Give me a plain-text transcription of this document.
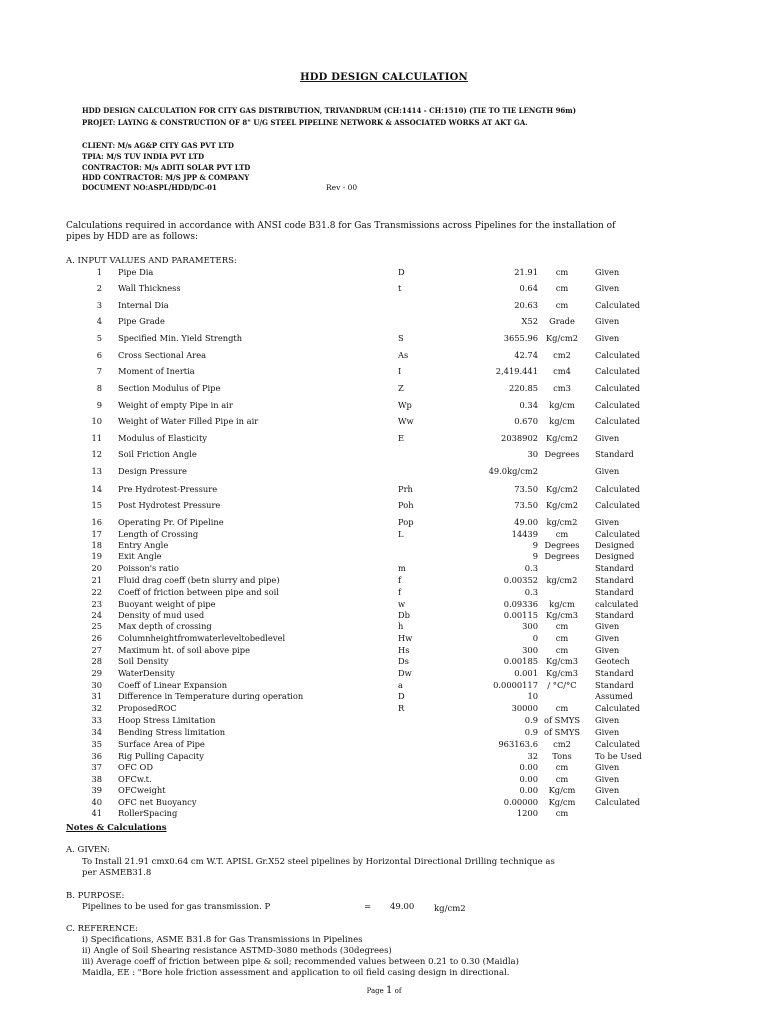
HDD DESIGN CALCULATION
HDD DESIGN CALCULATION FOR CITY GAS DISTRIBUTION, TRIVANDRUM (CH:1414 - CH:1510) (TIE TO TIE LENGTH 96m)
PROJET: LAYING & CONSTRUCTION OF 8" U/G STEEL PIPELINE NETWORK & ASSOCIATED WORKS AT AKT GA.
CLIENT: M/s AG&P CITY GAS PVT LTD
TPIA: M/S TUV INDIA PVT LTD
CONTRACTOR: M/s ADITI SOLAR PVT LTD
HDD CONTRACTOR: M/S JPP & COMPANY
DOCUMENT NO:ASPL/HDD/DC-01	Rev - 00
Calculations required in accordance with ANSI code B31.8 for Gas Transmissions across Pipelines for the installation of
pipes by HDD are as follows:
A. INPUT VALUES AND PARAMETERS:
1 Pipe Dia	D	21.91	cm	Given
2 Wall Thickness	t	0.64	cm	Given
3 Internal Dia	20.63	cm	Calculated
4 Pipe Grade	X52	Grade	Given
5 Specified Min. Yield Strength	S	3655.96 Kg/cm2	Given
6 Cross Sectional Area	As	42.74	cm2	Calculated
7 Moment of Inertia	I	2,419.441	cm4	Calculated
8 Section Modulus of Pipe	Z	220.85	cm3	Calculated
9 Weight of empty Pipe in air	Wp	0.34	kg/cm	Calculated
10 Weight of Water Filled Pipe in air	Ww	0.670	kg/cm	Calculated
11 Modulus of Elasticity	E	2038902 Kg/cm2	Given
12 Soil Friction Angle	30 Degrees	Standard
13 Design Pressure	49.0kg/cm2	Given
14 Pre Hydrotest-Pressure	Prh	73.50 Kg/cm2	Calculated
15 Post Hydrotest Pressure	Poh	73.50 Kg/cm2	Calculated
16 Operating Pr. Of Pipeline	Pop	49.00	kg/cm2	Given
17 Length of Crossing	L	14439	cm	Calculated
18 Entry Angle	9 Degrees	Designed
19 Exit Angle	9 Degrees	Designed
20 Poisson's ratio	m	0.3	Standard
21 Fluid drag coeff (betn slurry and pipe)	f	0.00352	kg/cm2	Standard
22 Coeff of friction between pipe and soil	f	0.3	Standard
23 Buoyant weight of pipe	w	0.09336	kg/cm	calculated
24 Density of mud used	Db	0.00115 Kg/cm3	Standard
25 Max depth of crossing	h	300	cm	Given
26 Columnheightfromwaterleveltobedlevel	Hw	0	cm	Given
27 Maximum ht. of soil above pipe	Hs	300	cm	Given
28 Soil Density	Ds	0.00185 Kg/cm3	Geotech
29 WaterDensity	Dw	0.001 Kg/cm3	Standard
30 Coeff of Linear Expansion	a	0.0000117	/ °C/°C	Standard
31 Difference in Temperature during operation	D	10	Assumed
32 ProposedROC	R	30000	cm	Calculated
33 Hoop Stress Limitation	0.9 of SMYS	Given
34 Bending Stress limitation	0.9 of SMYS	Given
35 Surface Area of Pipe	963163.6	cm2	Calculated
36 Rig Pulling Capacity	32	Tons	To be Used
37 OFC OD	0.00	cm	Given
38 OFCw.t.	0.00	cm	Given
39 OFCweight	0.00	Kg/cm	Given
40 OFC net Buoyancy	0.00000	Kg/cm	Calculated
41 RollerSpacing	1200	cm
Notes & Calculations
A. GIVEN:
To Install 21.91 cmx0.64 cm W.T. APISL Gr.X52 steel pipelines by Horizontal Directional Drilling technique as
per ASMEB31.8
B. PURPOSE:
Pipelines to be used for gas transmission. P	= 49.00 kg/cm2
C. REFERENCE:
i) Specifications, ASME B31.8 for Gas Transmissions in Pipelines
ii) Angle of Soil Shearing resistance ASTMD-3080 methods (30degrees)
iii) Average coeff of friction between pipe & soil; recommended values between 0.21 to 0.30 (Maidla)
Maidla, EE : "Bore hole friction assessment and application to oil field casing design in directional.
Page 1 of
